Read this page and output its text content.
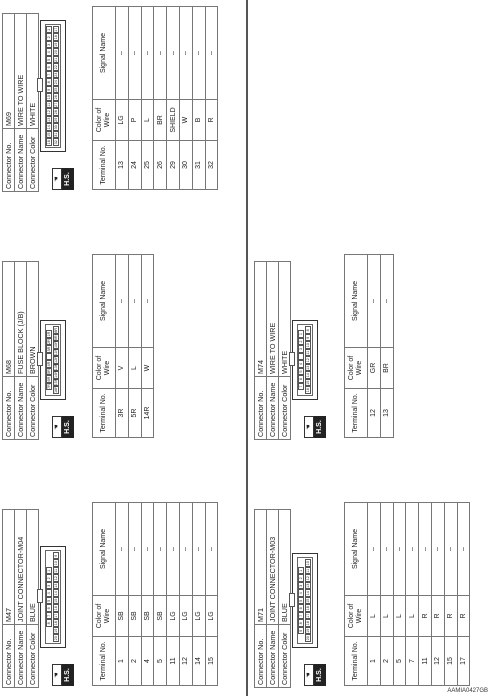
Connector No.	M47
Connector Name	JOINT CONNECTOR-M04
Connector Color	BLUE
☚ H.S.
8
7
6
5
4
3
2
1
20
19
18
17
16
15
14
13
12
11
10
9
Terminal No.	Color of Wire	Signal Name
1	SB	–
2	SB	–
4	SB	–
5	SB	–
11	LG	–
12	LG	–
14	LG	–
15	LG	–
Connector No.	M68
Connector Name	FUSE BLOCK (J/B)
Connector Color	BROWN
☚ H.S.
7R
6R
5R
4R
3R
2R
1R
16R
15R
14R
13R
12R
11R
10R
9R
8R
Terminal No.	Color of Wire	Signal Name
3R	V	–
5R	L	–
14R	W	–
Connector No.	M69
Connector Name	WIRE TO WIRE
Connector Color	WHITE
☚ H.S.
16
15
14
13
12
11
10
9
8
7
6
5
4
3
2
1
32
31
30
29
28
27
26
25
24
23
22
21
20
19
18
17
Terminal No.	Color of Wire	Signal Name
13	LG	–
24	P	–
25	L	–
26	BR	–
29	SHIELD	–
30	W	–
31	B	–
32	R	–
Connector No.	M71
Connector Name	JOINT CONNECTOR-M03
Connector Color	BLUE
☚ H.S.
9
8
7
6
5
4
3
2
1
20
19
18
17
16
15
14
13
12
11
10
Terminal No.	Color of Wire	Signal Name
1	L	–
2	L	–
5	L	–
7	L	–
11	R	–
12	R	–
15	R	–
17	R	–
Connector No.	M74
Connector Name	WIRE TO WIRE
Connector Color	WHITE
☚ H.S.
7
6
5
4
3
2
1
16
15
14
13
12
11
10
9
8
Terminal No.	Color of Wire	Signal Name
12	GR	–
13	BR	–
AAMIA0427GB
